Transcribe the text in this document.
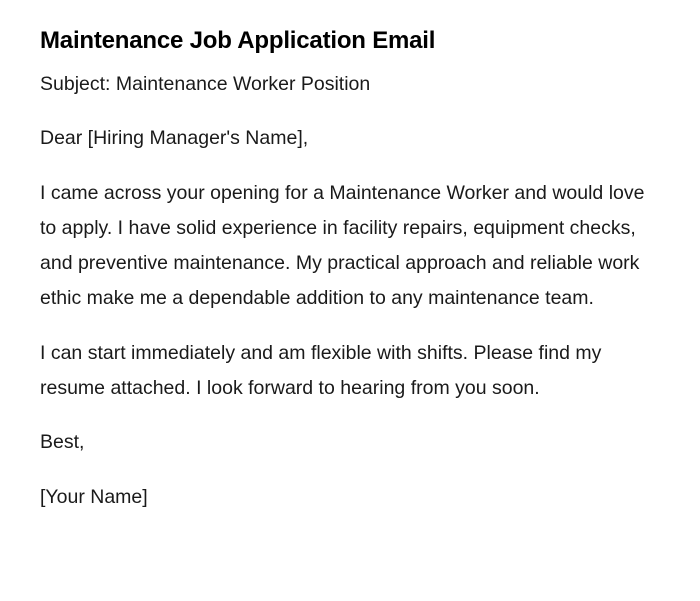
Maintenance Job Application Email

Subject: Maintenance Worker Position

Dear [Hiring Manager's Name],

I came across your opening for a Maintenance Worker and would love to apply. I have solid experience in facility repairs, equipment checks, and preventive maintenance. My practical approach and reliable work ethic make me a dependable addition to any maintenance team.

I can start immediately and am flexible with shifts. Please find my resume attached. I look forward to hearing from you soon.

Best,

[Your Name]
